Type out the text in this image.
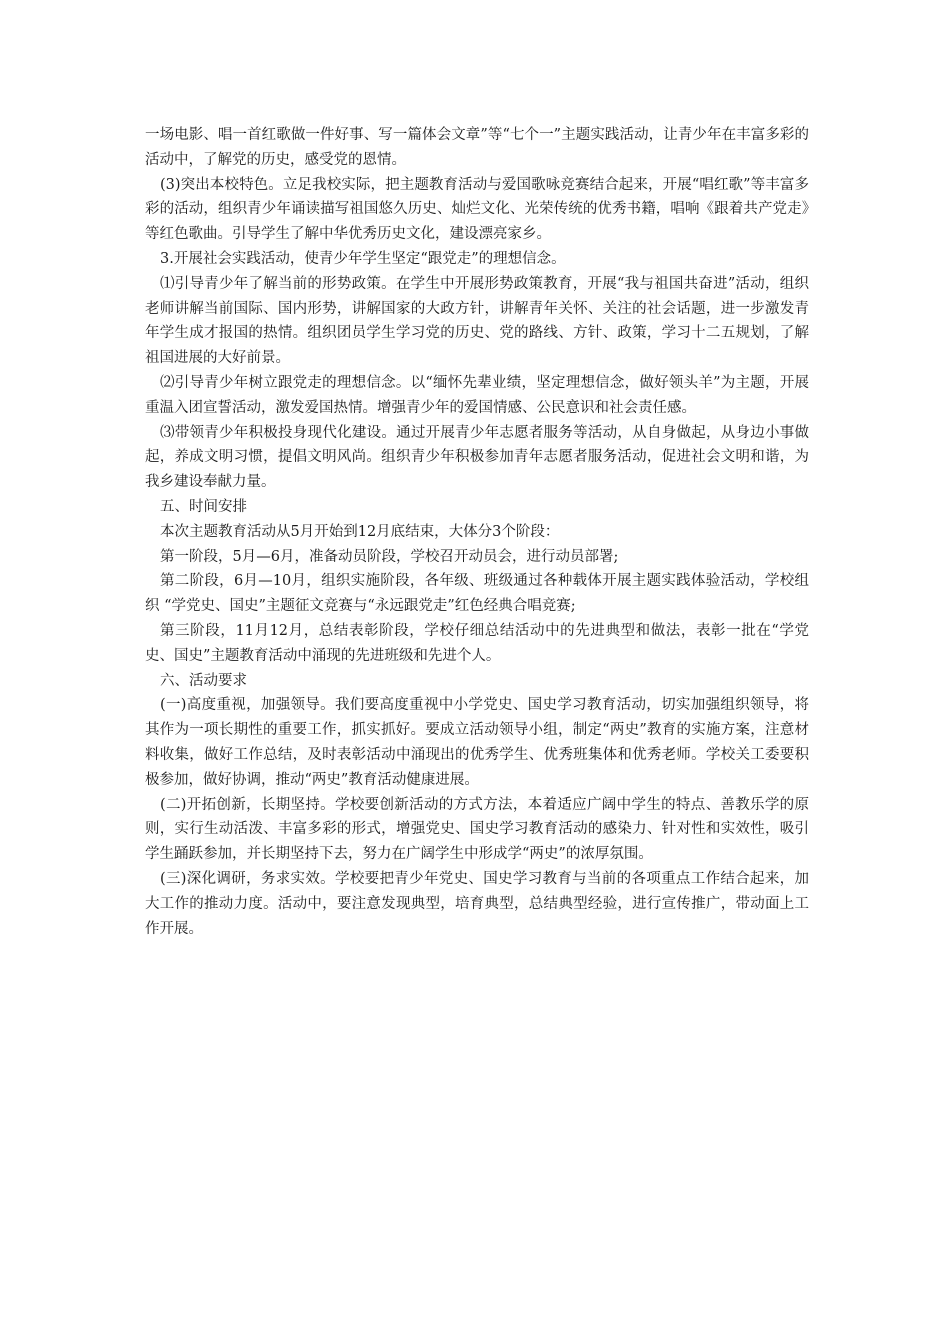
一场电影、唱一首红歌做一件好事、写一篇体会文章”等“七个一”主题实践活动，让青少年在丰富多彩的活动中，了解党的历史，感受党的恩情。

(3)突出本校特色。立足我校实际，把主题教育活动与爱国歌咏竞赛结合起来，开展“唱红歌”等丰富多彩的活动，组织青少年诵读描写祖国悠久历史、灿烂文化、光荣传统的优秀书籍，唱响《跟着共产党走》等红色歌曲。引导学生了解中华优秀历史文化，建设漂亮家乡。

3.开展社会实践活动，使青少年学生坚定“跟党走”的理想信念。

⑴引导青少年了解当前的形势政策。在学生中开展形势政策教育，开展“我与祖国共奋进”活动，组织老师讲解当前国际、国内形势，讲解国家的大政方针，讲解青年关怀、关注的社会话题，进一步激发青年学生成才报国的热情。组织团员学生学习党的历史、党的路线、方针、政策，学习十二五规划，了解祖国进展的大好前景。

⑵引导青少年树立跟党走的理想信念。以“缅怀先辈业绩，坚定理想信念，做好领头羊”为主题，开展重温入团宣誓活动，激发爱国热情。增强青少年的爱国情感、公民意识和社会责任感。

⑶带领青少年积极投身现代化建设。通过开展青少年志愿者服务等活动，从自身做起，从身边小事做起，养成文明习惯，提倡文明风尚。组织青少年积极参加青年志愿者服务活动，促进社会文明和谐，为我乡建设奉献力量。

五、时间安排

本次主题教育活动从5月开始到12月底结束，大体分3个阶段：

第一阶段，5月—6月，准备动员阶段，学校召开动员会，进行动员部署;

第二阶段，6月—10月，组织实施阶段，各年级、班级通过各种载体开展主题实践体验活动，学校组织 “学党史、国史”主题征文竞赛与“永远跟党走”红色经典合唱竞赛;

第三阶段，11月12月，总结表彰阶段，学校仔细总结活动中的先进典型和做法，表彰一批在“学党史、国史”主题教育活动中涌现的先进班级和先进个人。

六、活动要求

(一)高度重视，加强领导。我们要高度重视中小学党史、国史学习教育活动，切实加强组织领导，将其作为一项长期性的重要工作，抓实抓好。要成立活动领导小组，制定“两史”教育的实施方案，注意材料收集，做好工作总结，及时表彰活动中涌现出的优秀学生、优秀班集体和优秀老师。学校关工委要积极参加，做好协调，推动“两史”教育活动健康进展。

(二)开拓创新，长期坚持。学校要创新活动的方式方法，本着适应广阔中学生的特点、善教乐学的原则，实行生动活泼、丰富多彩的形式，增强党史、国史学习教育活动的感染力、针对性和实效性，吸引学生踊跃参加，并长期坚持下去，努力在广阔学生中形成学“两史”的浓厚氛围。

(三)深化调研，务求实效。学校要把青少年党史、国史学习教育与当前的各项重点工作结合起来，加大工作的推动力度。活动中，要注意发现典型，培育典型，总结典型经验，进行宣传推广，带动面上工作开展。
